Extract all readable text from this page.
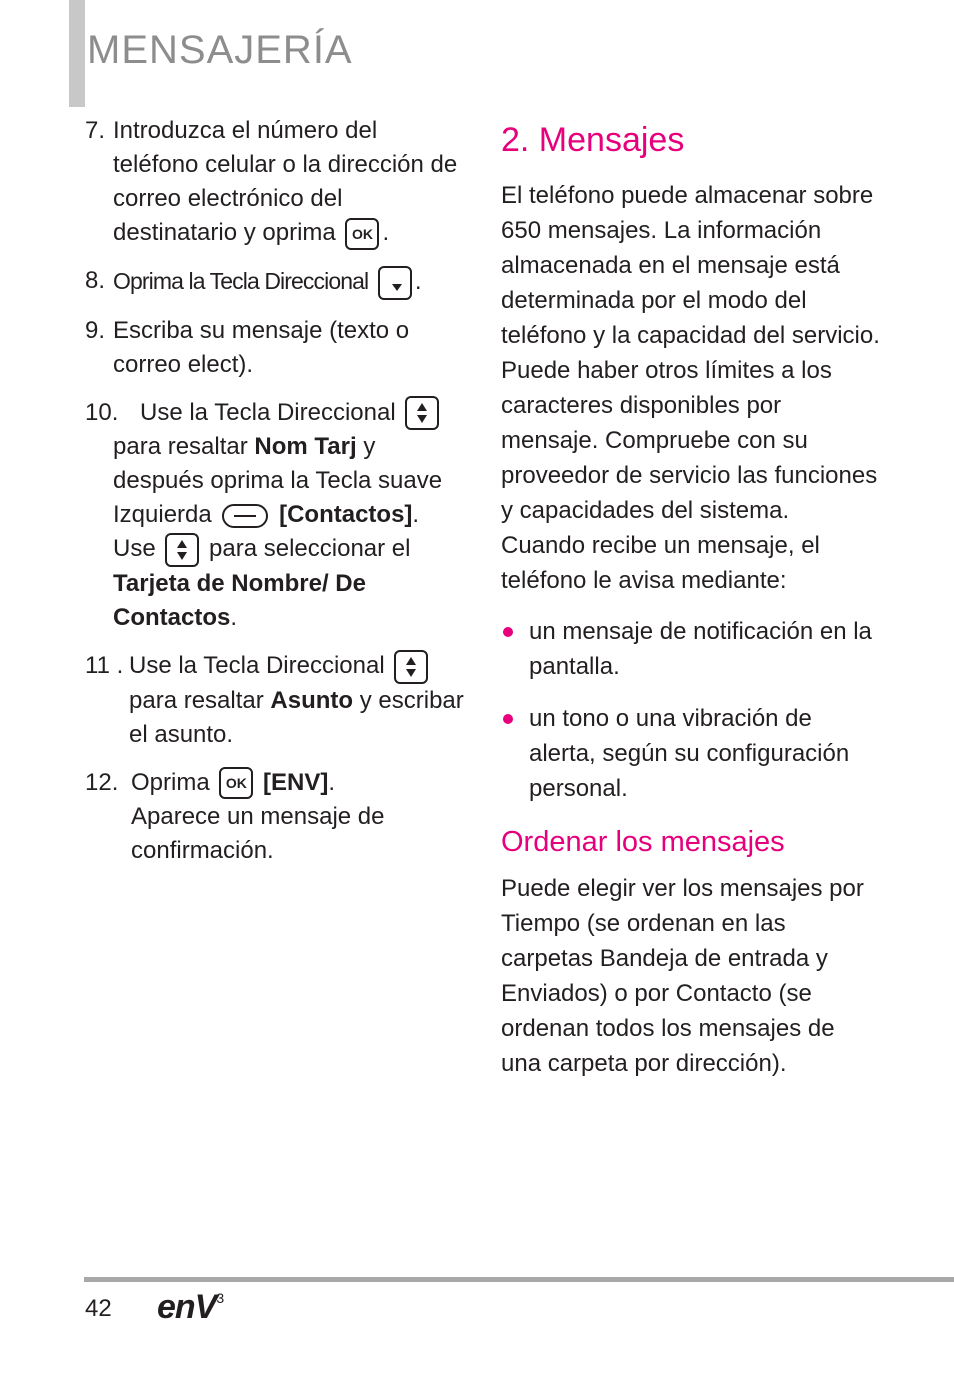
MENSAJERÍA
7. Introduzca el número del teléfono celular o la dirección de correo electrónico del destinatario y oprima OK .
8. Oprima la Tecla Direccional .
9. Escriba su mensaje (texto o correo elect).
10. Use la Tecla Direccional  para resaltar Nom Tarj y después oprima la Tecla suave Izquierda	[Contactos]. Use para seleccionar el Tarjeta de Nombre/ De Contactos.
11 . Use la Tecla Direccional  para resaltar Asunto y escribar el asunto.
12. Oprima OK [ENV].
Aparece un mensaje de confirmación.
2. Mensajes

El teléfono puede almacenar sobre 650 mensajes. La información almacenada en el mensaje está determinada por el modo del teléfono y la capacidad del servicio. Puede haber otros límites a los caracteres disponibles por mensaje. Compruebe con su proveedor de servicio las funciones y capacidades del sistema.

Cuando recibe un mensaje, el teléfono le avisa mediante:

un mensaje de notificación en la pantalla.
un tono o una vibración de alerta, según su configuración personal.
Ordenar los mensajes

Puede elegir ver los mensajes por Tiempo (se ordenan en las carpetas Bandeja de entrada y Enviados) o por Contacto (se ordenan todos los mensajes de una carpeta por dirección).

42 enV$^3$
